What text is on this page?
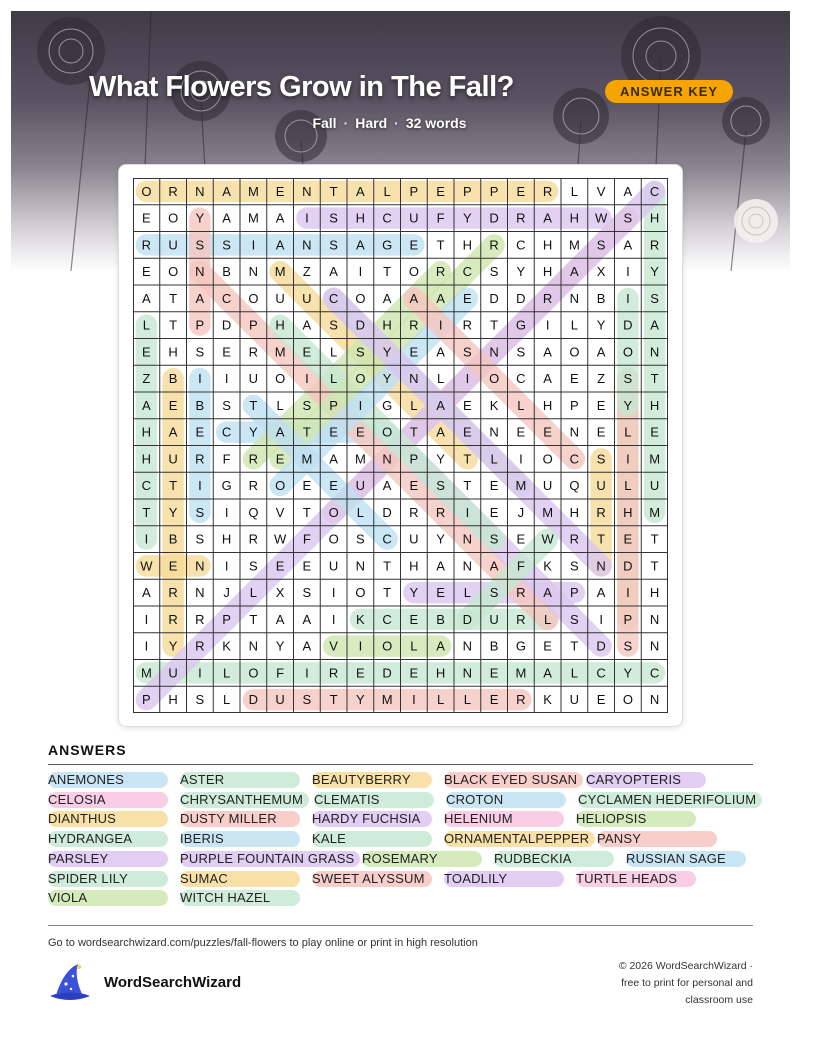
What Flowers Grow in The Fall?	ANSWER KEY
Fall · Hard · 32 words
O R N A M E N T A L P E P P E R L V A C
E O Y A M A I S H C U F Y D R A H W S H
R U S S I A N S A G E T H R C H M S A R
E O N B N M Z A I T O R C S Y H A X I Y
A T A C O U U C O A A A E D D R N B I S
L T P D P H A S D H R I R T G I L Y D A
E H S E R M E L S Y E A S N S A O A O N
Z B I I U O I L O Y N L I O C A E Z S T
A E B S T L S P I G L A E K L H P E Y H
H A E C Y A T E E O T A E N E E N E L E
H U R F R E M A M N P Y T L I O C S I M
C T I G R O E E U A E S T E M U Q U L U
T Y S I Q V T O L D R R I E J M H R H M
I B S H R W F O S C U Y N S E W R T E T
W E N I S E E U N T H A N A F K S N D T
A R N J L X S I O T Y E L S R A P A I H
I R R P T A A I K C E B D U R L S I P N
I Y R K N Y A V I O L A N B G E T D S N
M U I L O F I R E D E H N E M A L C Y C
P H S L D U S T Y M I L L E R K U E O N
ANSWERS
ANEMONES	ASTER	BEAUTYBERRY	BLACK EYED SUSAN CARYOPTERIS
CELOSIA	CHRYSANTHEMUM CLEMATIS	CROTON	CYCLAMEN HEDERIFOLIUM
DIANTHUS	DUSTY MILLER	HARDY FUCHSIA HELENIUM	HELIOPSIS
HYDRANGEA	IBERIS	KALE	ORNAMENTALPEPPER PANSY
PARSLEY	PURPLE FOUNTAIN GRASS ROSEMARY	RUDBECKIA	RUSSIAN SAGE
SPIDER LILY	SUMAC	SWEET ALYSSUM TOADLILY	TURTLE HEADS
VIOLA	WITCH HAZEL
Go to wordsearchwizard.com/puzzles/fall-flowers to play online or print in high resolution
WordSearchWizard
© 2026 WordSearchWizard ·
free to print for personal and
classroom use
